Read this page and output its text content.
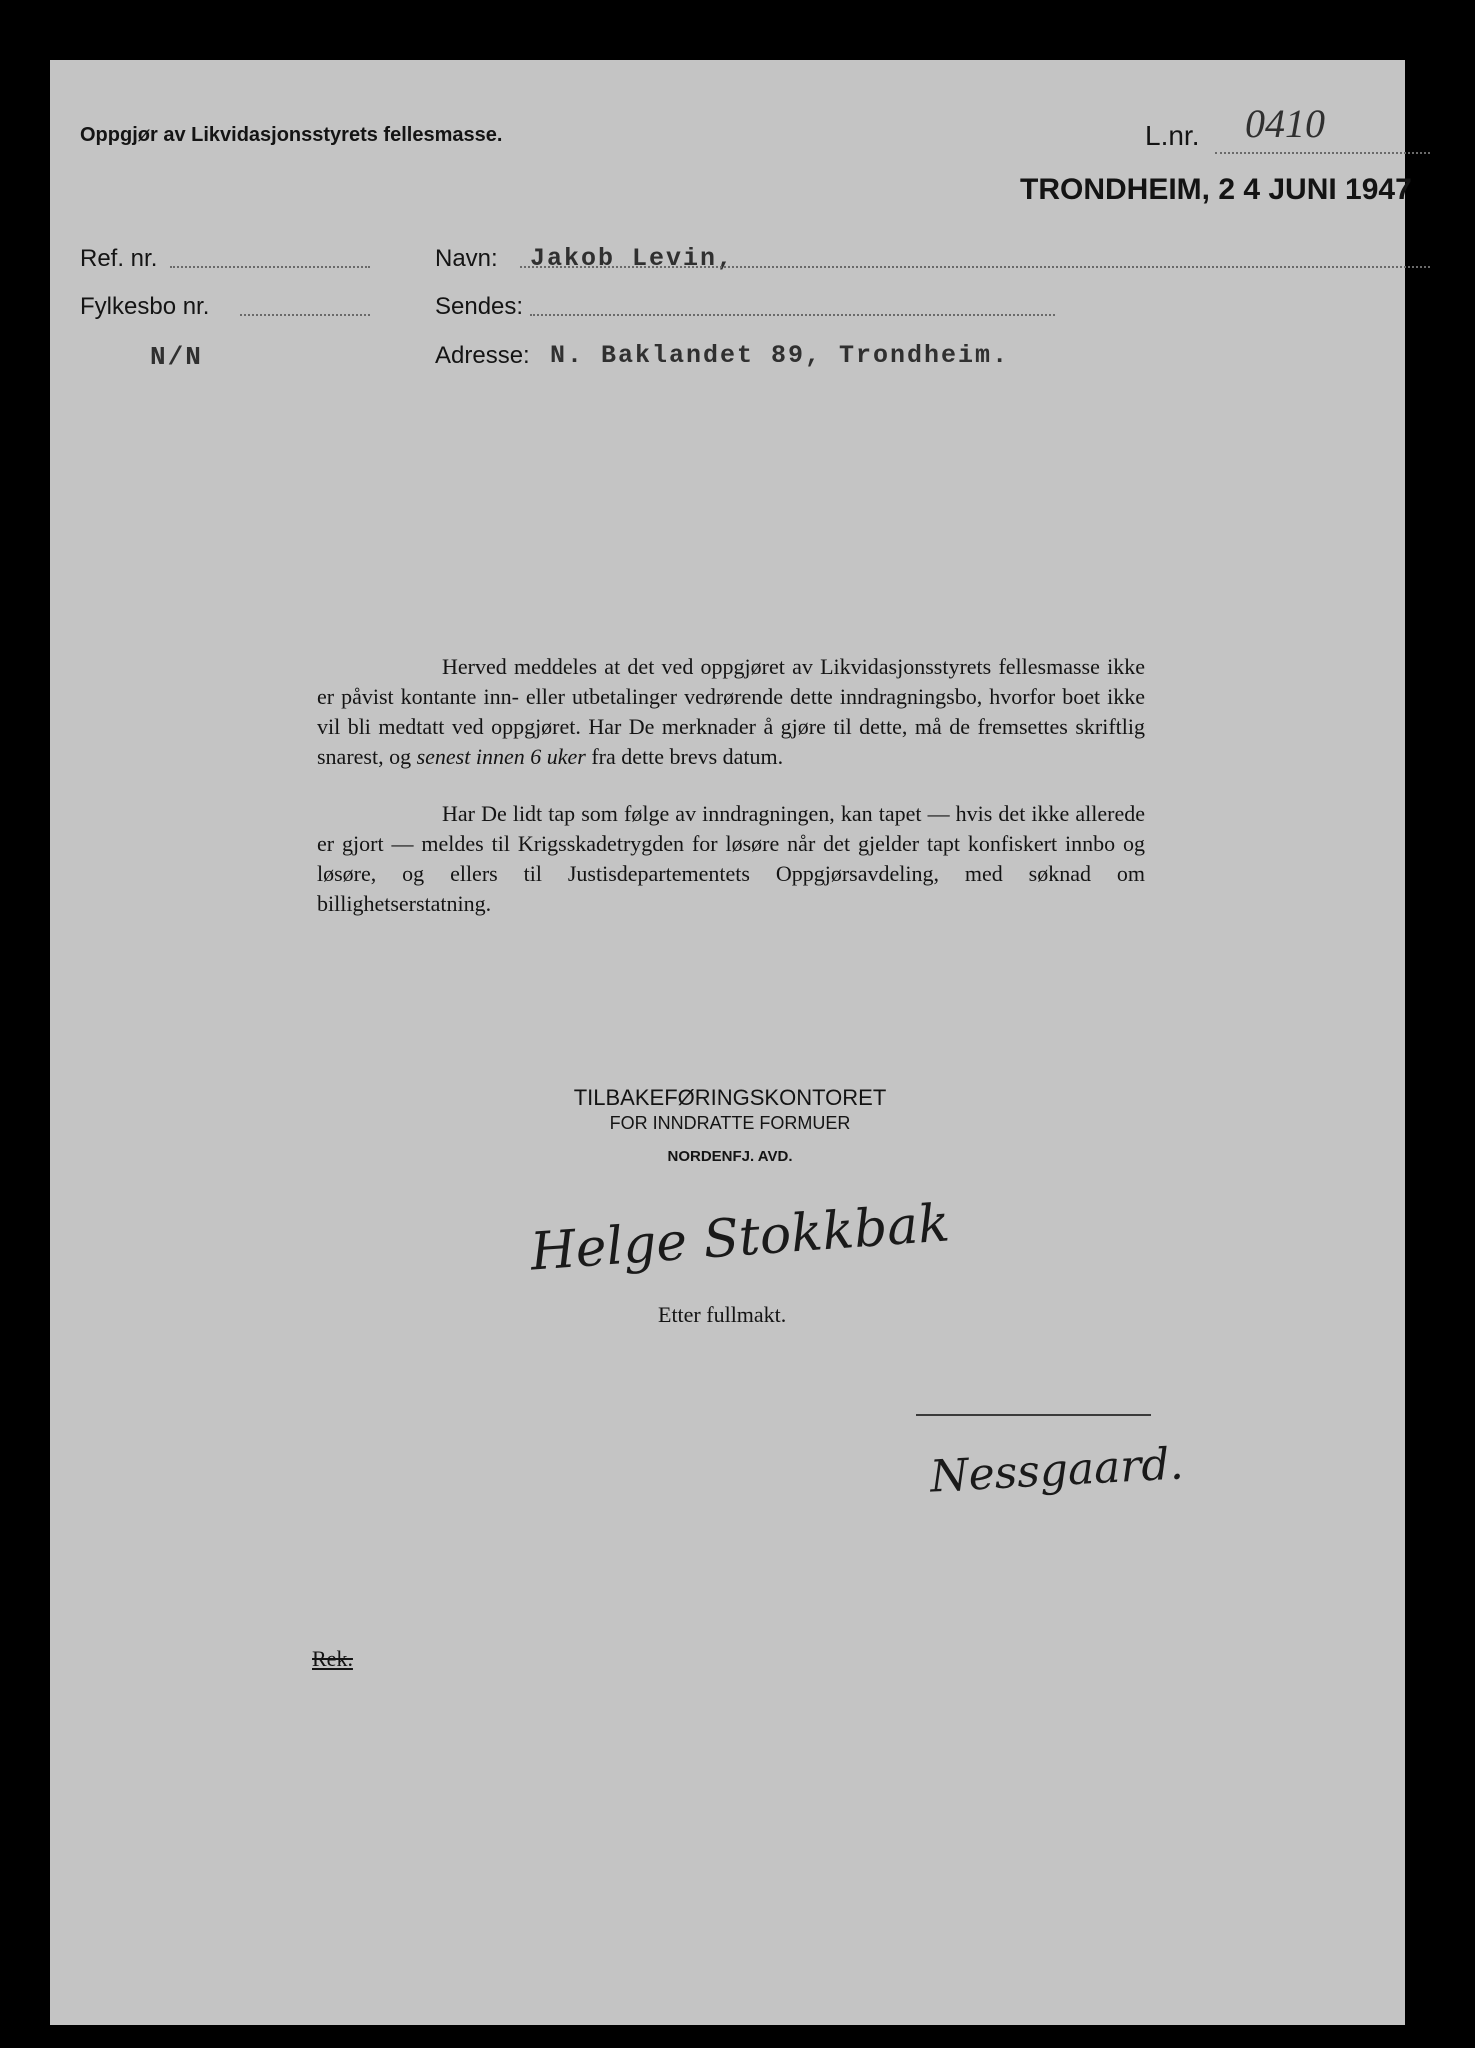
Oppgjør av Likvidasjonsstyrets fellesmasse.	L.nr. 0410
TRONDHEIM, 2 4 JUNI 1947
Ref. nr.
Fylkesbo nr.
N/N
Navn: Jakob Levin,
Sendes:
Adresse: N. Baklandet 89, Trondheim.

Herved meddeles at det ved oppgjøret av Likvidasjonsstyrets fellesmasse ikke er påvist kontante inn- eller utbetalinger vedrørende dette inndragningsbo, hvorfor boet ikke vil bli medtatt ved oppgjøret. Har De merknader å gjøre til dette, må de fremsettes skriftlig snarest, og senest innen 6 uker fra dette brevs datum.

Har De lidt tap som følge av inndragningen, kan tapet — hvis det ikke allerede er gjort — meldes til Krigsskadetrygden for løsøre når det gjelder tapt konfiskert innbo og løsøre, og ellers til Justisdepartementets Oppgjørsavdeling, med søknad om billighetserstatning.

TILBAKEFØRINGSKONTORET
FOR INNDRATTE FORMUER
NORDENFJ. AVD.
Helge Stokkbak
Etter fullmakt.
Nessgaard.
Rek.
